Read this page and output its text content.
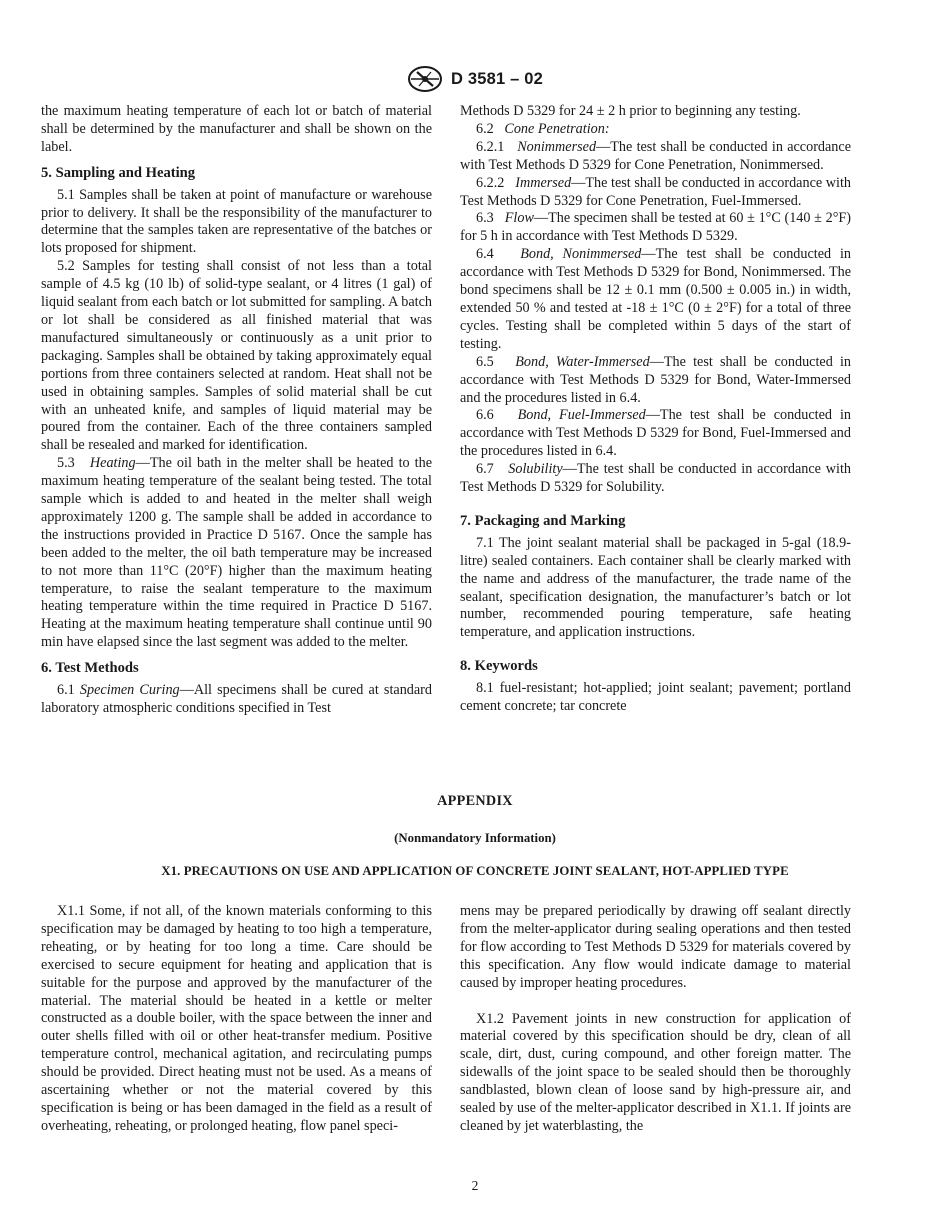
D 3581 – 02

the maximum heating temperature of each lot or batch of material shall be determined by the manufacturer and shall be shown on the label.

5. Sampling and Heating

5.1 Samples shall be taken at point of manufacture or warehouse prior to delivery. It shall be the responsibility of the manufacturer to determine that the samples taken are representative of the batches or lots proposed for shipment.

5.2 Samples for testing shall consist of not less than a total sample of 4.5 kg (10 lb) of solid-type sealant, or 4 litres (1 gal) of liquid sealant from each batch or lot submitted for sampling. A batch or lot shall be considered as all finished material that was manufactured simultaneously or continuously as a unit prior to packaging. Samples shall be obtained by taking approximately equal portions from three containers selected at random. Heat shall not be used in obtaining samples. Samples of solid material shall be cut with an unheated knife, and samples of liquid material may be poured from the container. Each of the three containers sampled shall be resealed and marked for identification.

5.3 Heating—The oil bath in the melter shall be heated to the maximum heating temperature of the sealant being tested. The total sample which is added to and heated in the melter shall weigh approximately 1200 g. The sample shall be added in accordance to the instructions provided in Practice D 5167. Once the sample has been added to the melter, the oil bath temperature may be increased to not more than 11°C (20°F) higher than the maximum heating temperature, to raise the sealant temperature to the maximum heating temperature within the time required in Practice D 5167. Heating at the maximum heating temperature shall continue until 90 min have elapsed since the last segment was added to the melter.

6. Test Methods

6.1 Specimen Curing—All specimens shall be cured at standard laboratory atmospheric conditions specified in Test

Methods D 5329 for 24 ± 2 h prior to beginning any testing.

6.2 Cone Penetration:

6.2.1 Nonimmersed—The test shall be conducted in accordance with Test Methods D 5329 for Cone Penetration, Nonimmersed.

6.2.2 Immersed—The test shall be conducted in accordance with Test Methods D 5329 for Cone Penetration, Fuel-Immersed.

6.3 Flow—The specimen shall be tested at 60 ± 1°C (140 ± 2°F) for 5 h in accordance with Test Methods D 5329.

6.4 Bond, Nonimmersed—The test shall be conducted in accordance with Test Methods D 5329 for Bond, Nonimmersed. The bond specimens shall be 12 ± 0.1 mm (0.500 ± 0.005 in.) in width, extended 50 % and tested at -18 ± 1°C (0 ± 2°F) for a total of three cycles. Testing shall be completed within 5 days of the start of testing.

6.5 Bond, Water-Immersed—The test shall be conducted in accordance with Test Methods D 5329 for Bond, Water-Immersed and the procedures listed in 6.4.

6.6 Bond, Fuel-Immersed—The test shall be conducted in accordance with Test Methods D 5329 for Bond, Fuel-Immersed and the procedures listed in 6.4.

6.7 Solubility—The test shall be conducted in accordance with Test Methods D 5329 for Solubility.

7. Packaging and Marking

7.1 The joint sealant material shall be packaged in 5-gal (18.9-litre) sealed containers. Each container shall be clearly marked with the name and address of the manufacturer, the trade name of the sealant, specification designation, the manufacturer’s batch or lot number, recommended pouring temperature, safe heating temperature, and application instructions.

8. Keywords

8.1 fuel-resistant; hot-applied; joint sealant; pavement; portland cement concrete; tar concrete

APPENDIX
(Nonmandatory Information)
X1. PRECAUTIONS ON USE AND APPLICATION OF CONCRETE JOINT SEALANT, HOT-APPLIED TYPE

X1.1 Some, if not all, of the known materials conforming to this specification may be damaged by heating to too high a temperature, reheating, or by heating for too long a time. Care should be exercised to secure equipment for heating and application that is suitable for the purpose and approved by the manufacturer of the material. The material should be heated in a kettle or melter constructed as a double boiler, with the space between the inner and outer shells filled with oil or other heat-transfer medium. Positive temperature control, mechanical agitation, and recirculating pumps should be provided. Direct heating must not be used. As a means of ascertaining whether or not the material covered by this specification is being or has been damaged in the field as a result of overheating, reheating, or prolonged heating, flow panel speci-

mens may be prepared periodically by drawing off sealant directly from the melter-applicator during sealing operations and then tested for flow according to Test Methods D 5329 for materials covered by this specification. Any flow would indicate damage to material caused by improper heating procedures.

X1.2 Pavement joints in new construction for application of material covered by this specification should be dry, clean of all scale, dirt, dust, curing compound, and other foreign matter. The sidewalls of the joint space to be sealed should then be thoroughly sandblasted, blown clean of loose sand by high-pressure air, and sealed by use of the melter-applicator described in X1.1. If joints are cleaned by jet waterblasting, the

2
